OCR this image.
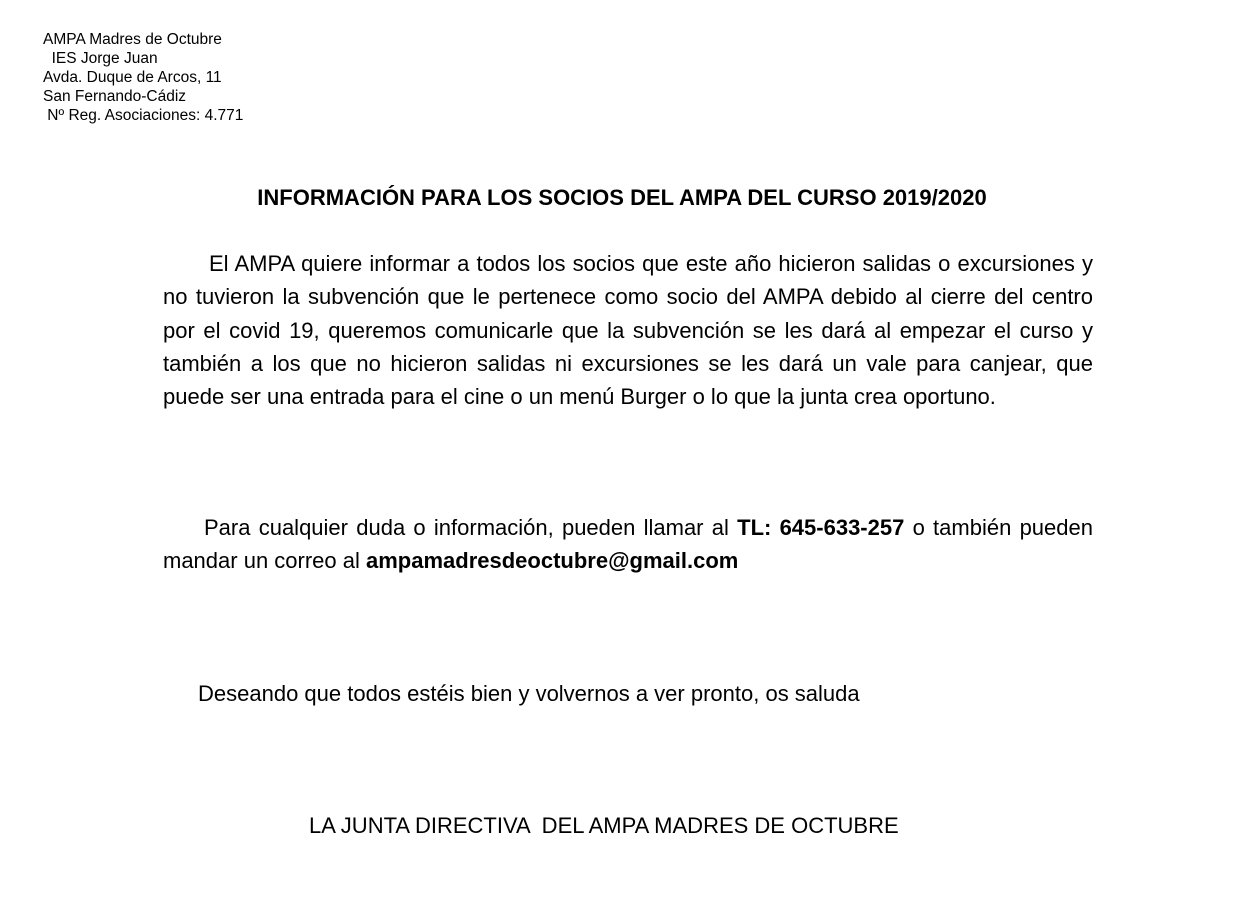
AMPA Madres de Octubre
IES Jorge Juan
Avda. Duque de Arcos, 11
San Fernando-Cádiz
Nº Reg. Asociaciones: 4.771
INFORMACIÓN PARA LOS SOCIOS DEL AMPA DEL CURSO 2019/2020

El AMPA quiere informar a todos los socios que este año hicieron salidas o excursiones y no tuvieron la subvención que le pertenece como socio del AMPA debido al cierre del centro por el covid 19, queremos comunicarle que la subvención se les dará al empezar el curso y también a los que no hicieron salidas ni excursiones se les dará un vale para canjear, que puede ser una entrada para el cine o un menú Burger o lo que la junta crea oportuno.

Para cualquier duda o información, pueden llamar al TL: 645-633-257 o también pueden mandar un correo al ampamadresdeoctubre@gmail.com

Deseando que todos estéis bien y volvernos a ver pronto, os saluda

LA JUNTA DIRECTIVA  DEL AMPA MADRES DE OCTUBRE
